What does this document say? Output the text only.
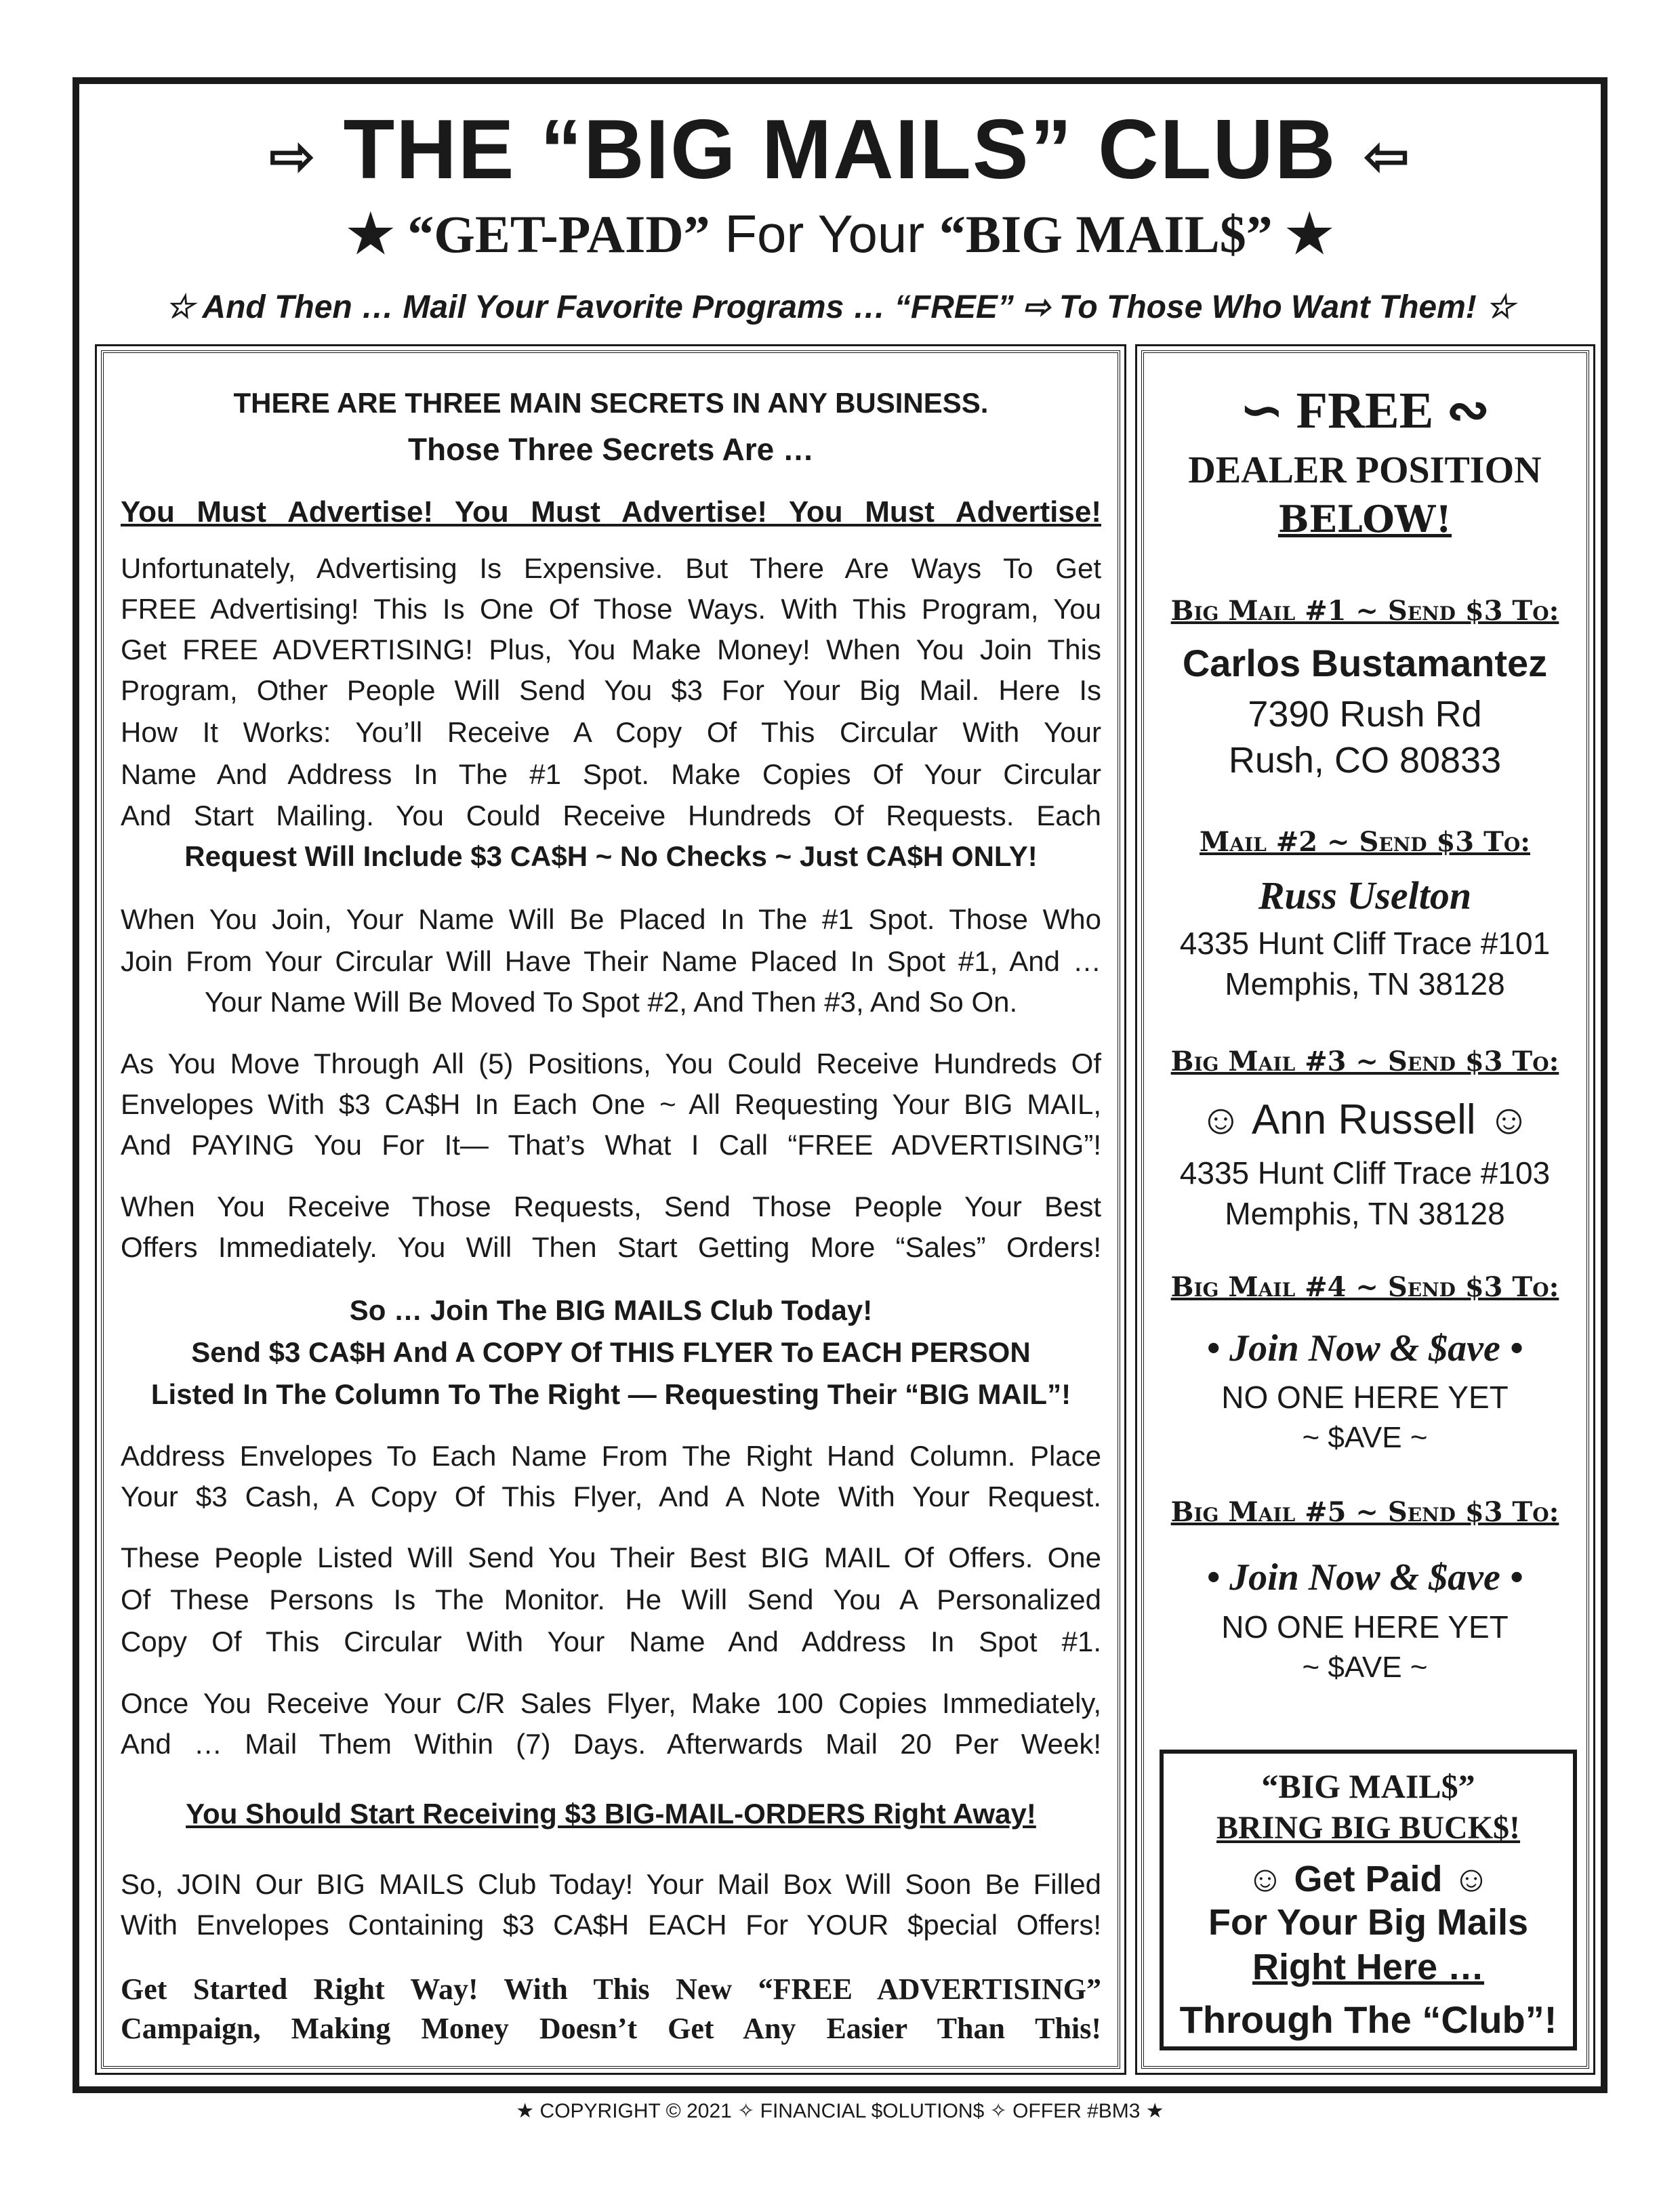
⇨ THE “BIG MAILS” CLUB ⇦
★ “GET-PAID” For Your “BIG MAIL$” ★
☆ And Then … Mail Your Favorite Programs … “FREE” ⇨ To Those Who Want Them! ☆
THERE ARE THREE MAIN SECRETS IN ANY BUSINESS.
Those Three Secrets Are …
You Must Advertise! You Must Advertise! You Must Advertise!
Unfortunately, Advertising Is Expensive. But There Are Ways To Get
FREE Advertising! This Is One Of Those Ways. With This Program, You
Get FREE ADVERTISING! Plus, You Make Money! When You Join This
Program, Other People Will Send You $3 For Your Big Mail. Here Is
How It Works: You’ll Receive A Copy Of This Circular With Your
Name And Address In The #1 Spot. Make Copies Of Your Circular
And Start Mailing. You Could Receive Hundreds Of Requests. Each
Request Will Include $3 CA$H ~ No Checks ~ Just CA$H ONLY!
When You Join, Your Name Will Be Placed In The #1 Spot. Those Who
Join From Your Circular Will Have Their Name Placed In Spot #1, And …
Your Name Will Be Moved To Spot #2, And Then #3, And So On.
As You Move Through All (5) Positions, You Could Receive Hundreds Of
Envelopes With $3 CA$H In Each One ~ All Requesting Your BIG MAIL,
And PAYING You For It— That’s What I Call “FREE ADVERTISING”!
When You Receive Those Requests, Send Those People Your Best
Offers Immediately. You Will Then Start Getting More “Sales” Orders!
So … Join The BIG MAILS Club Today!
Send $3 CA$H And A COPY Of THIS FLYER To EACH PERSON
Listed In The Column To The Right — Requesting Their “BIG MAIL”!
Address Envelopes To Each Name From The Right Hand Column. Place
Your $3 Cash, A Copy Of This Flyer, And A Note With Your Request.
These People Listed Will Send You Their Best BIG MAIL Of Offers. One
Of These Persons Is The Monitor. He Will Send You A Personalized
Copy Of This Circular With Your Name And Address In Spot #1.
Once You Receive Your C/R Sales Flyer, Make 100 Copies Immediately,
And … Mail Them Within (7) Days. Afterwards Mail 20 Per Week!
You Should Start Receiving $3 BIG-MAIL-ORDERS Right Away!
So, JOIN Our BIG MAILS Club Today! Your Mail Box Will Soon Be Filled
With Envelopes Containing $3 CA$H EACH For YOUR $pecial Offers!
Get Started Right Way! With This New “FREE ADVERTISING”
Campaign, Making Money Doesn’t Get Any Easier Than This!
∽ FREE ∾
DEALER POSITION
BELOW!
Big Mail #1 ~ Send $3 To:
Carlos Bustamantez
7390 Rush Rd
Rush, CO 80833
Mail #2 ~ Send $3 To:
Russ Uselton
4335 Hunt Cliff Trace #101
Memphis, TN 38128
Big Mail #3 ~ Send $3 To:
☺ Ann Russell ☺
4335 Hunt Cliff Trace #103
Memphis, TN 38128
Big Mail #4 ~ Send $3 To:
• Join Now & $ave •
NO ONE HERE YET
~ $AVE ~
Big Mail #5 ~ Send $3 To:
• Join Now & $ave •
NO ONE HERE YET
~ $AVE ~
“BIG MAIL$”
BRING BIG BUCK$!
☺ Get Paid ☺
For Your Big Mails
Right Here …
Through The “Club”!
★ COPYRIGHT © 2021 ✧ FINANCIAL $OLUTION$ ✧ OFFER #BM3 ★
